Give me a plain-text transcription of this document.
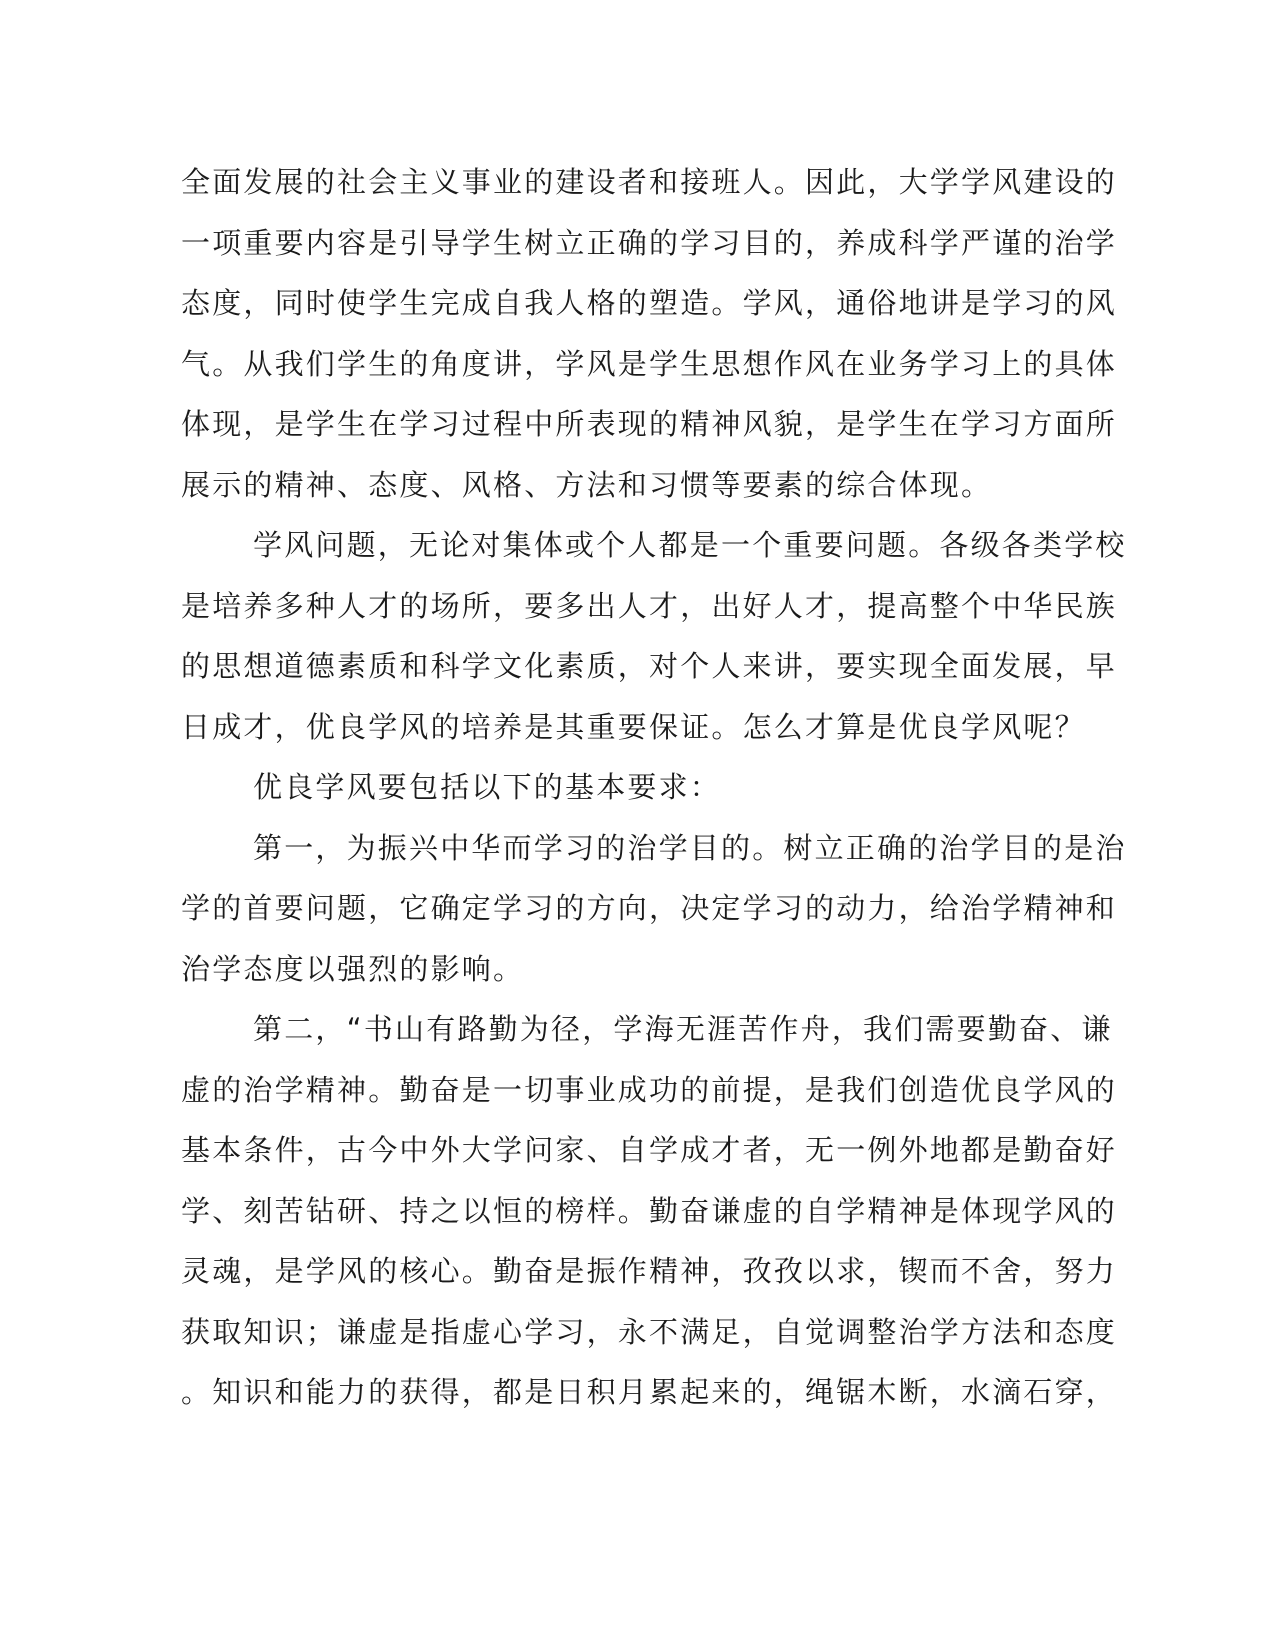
全面发展的社会主义事业的建设者和接班人。因此，大学学风建设的
一项重要内容是引导学生树立正确的学习目的，养成科学严谨的治学
态度，同时使学生完成自我人格的塑造。学风，通俗地讲是学习的风
气。从我们学生的角度讲，学风是学生思想作风在业务学习上的具体
体现，是学生在学习过程中所表现的精神风貌，是学生在学习方面所
展示的精神、态度、风格、方法和习惯等要素的综合体现。
学风问题，无论对集体或个人都是一个重要问题。各级各类学校
是培养多种人才的场所，要多出人才，出好人才，提高整个中华民族
的思想道德素质和科学文化素质，对个人来讲，要实现全面发展，早
日成才，优良学风的培养是其重要保证。怎么才算是优良学风呢？
优良学风要包括以下的基本要求：
第一，为振兴中华而学习的治学目的。树立正确的治学目的是治
学的首要问题，它确定学习的方向，决定学习的动力，给治学精神和
治学态度以强烈的影响。
第二，“书山有路勤为径，学海无涯苦作舟，我们需要勤奋、谦
虚的治学精神。勤奋是一切事业成功的前提，是我们创造优良学风的
基本条件，古今中外大学问家、自学成才者，无一例外地都是勤奋好
学、刻苦钻研、持之以恒的榜样。勤奋谦虚的自学精神是体现学风的
灵魂，是学风的核心。勤奋是振作精神，孜孜以求，锲而不舍，努力
获取知识；谦虚是指虚心学习，永不满足，自觉调整治学方法和态度
。知识和能力的获得，都是日积月累起来的，绳锯木断，水滴石穿，
